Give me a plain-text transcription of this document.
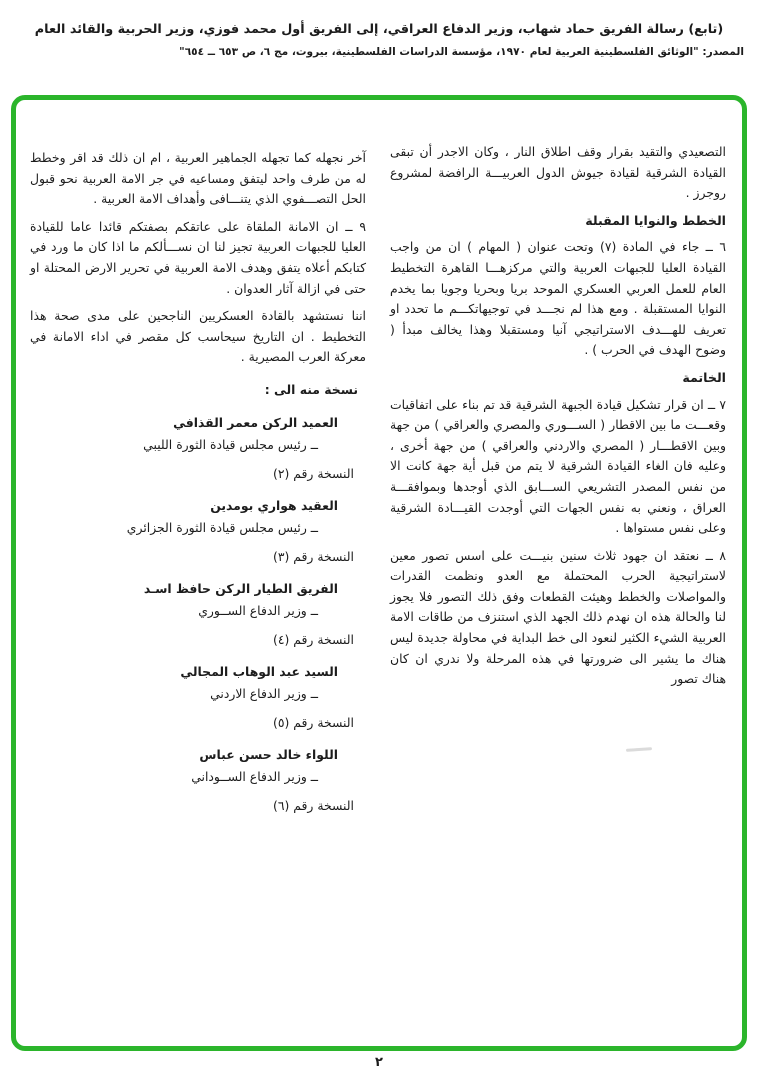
(تابع) رسالة الفريق حماد شهاب، وزير الدفاع العراقي، إلى الفريق أول محمد فوزي، وزير الحربية والقائد العام
المصدر: "الوثائق الفلسطينية العربية لعام ١٩٧٠، مؤسسة الدراسات الفلسطينية، بيروت، مج ٦، ص ٦٥٣ ــ ٦٥٤"

التصعيدي والتقيد بقرار وقف اطلاق النار ، وكان الاجدر أن تبقى القيادة الشرقية لقيادة جيوش الدول العربيـــة الرافضة لمشروع روجرز .

الخطط والنوايا المقبلة

٦ ــ جاء في المادة (٧) وتحت عنوان ( المهام ) ان من واجب القيادة العليا للجبهات العربية والتي مركزهـــا القاهرة التخطيط العام للعمل العربي العسكري الموحد بريا وبحريا وجويا بما يخدم النوايا المستقبلة . ومع هذا لم نجـــد في توجيهاتكـــم ما تحدد او تعريف للهـــدف الاستراتيجي آنيا ومستقبلا وهذا يخالف مبدأ ( وضوح الهدف في الحرب ) .

الخاتمة

٧ ــ ان قرار تشكيل قيادة الجبهة الشرقية قد تم بناء على اتفاقيات وقعـــت ما بين الاقطار ( الســـوري والمصري والعراقي ) من جهة وبين الاقطـــار ( المصري والاردني والعراقي ) من جهة أخرى ، وعليه فان الغاء القيادة الشرقية لا يتم من قبل أية جهة كانت الا من نفس المصدر التشريعي الســـابق الذي أوجدها وبموافقـــة العراق ، ونعني به نفس الجهات التي أوجدت القيـــادة الشرقية وعلى نفس مستواها .

٨ ــ نعتقد ان جهود ثلاث سنين بنيـــت على اسس تصور معين لاستراتيجية الحرب المحتملة مع العدو ونظمت القدرات والمواصلات والخطط وهيئت القطعات وفق ذلك التصور فلا يجوز لنا والحالة هذه ان نهدم ذلك الجهد الذي استنزف من طاقات الامة العربية الشيء الكثير لنعود الى خط البداية في محاولة جديدة ليس هناك ما يشير الى ضرورتها في هذه المرحلة ولا ندري ان كان هناك تصور

آخر نجهله كما تجهله الجماهير العربية ، ام ان ذلك قد اقر وخطط له من طرف واحد ليتفق ومساعيه في جر الامة العربية نحو قبول الحل التصـــفوي الذي يتنـــافى وأهداف الامة العربية .

٩ ــ ان الامانة الملقاة على عاتقكم بصفتكم قائدا عاما للقيادة العليا للجبهات العربية تجيز لنا ان نســـألكم ما اذا كان ما ورد في كتابكم أعلاه يتفق وهدف الامة العربية في تحرير الارض المحتلة او حتى في ازالة آثار العدوان .

اننا نستشهد بالقادة العسكريين الناجحين على مدى صحة هذا التخطيط . ان التاريخ سيحاسب كل مقصر في اداء الامانة في معركة العرب المصيرية .

نسخة منه الى :
العميد الركن معمر القذافي
ــ رئيس مجلس قيادة الثورة الليبي
النسخة رقم (٢)
العقيد هواري بومدين
ــ رئيس مجلس قيادة الثورة الجزائري
النسخة رقم (٣)
الفريق الطيار الركن حافظ اسـد
ــ وزير الدفاع الســوري
النسخة رقم (٤)
السيد عبد الوهاب المجالي
ــ وزير الدفاع الاردني
النسخة رقم (٥)
اللواء خالد حسن عباس
ــ وزير الدفاع الســوداني
النسخة رقم (٦)
٢
